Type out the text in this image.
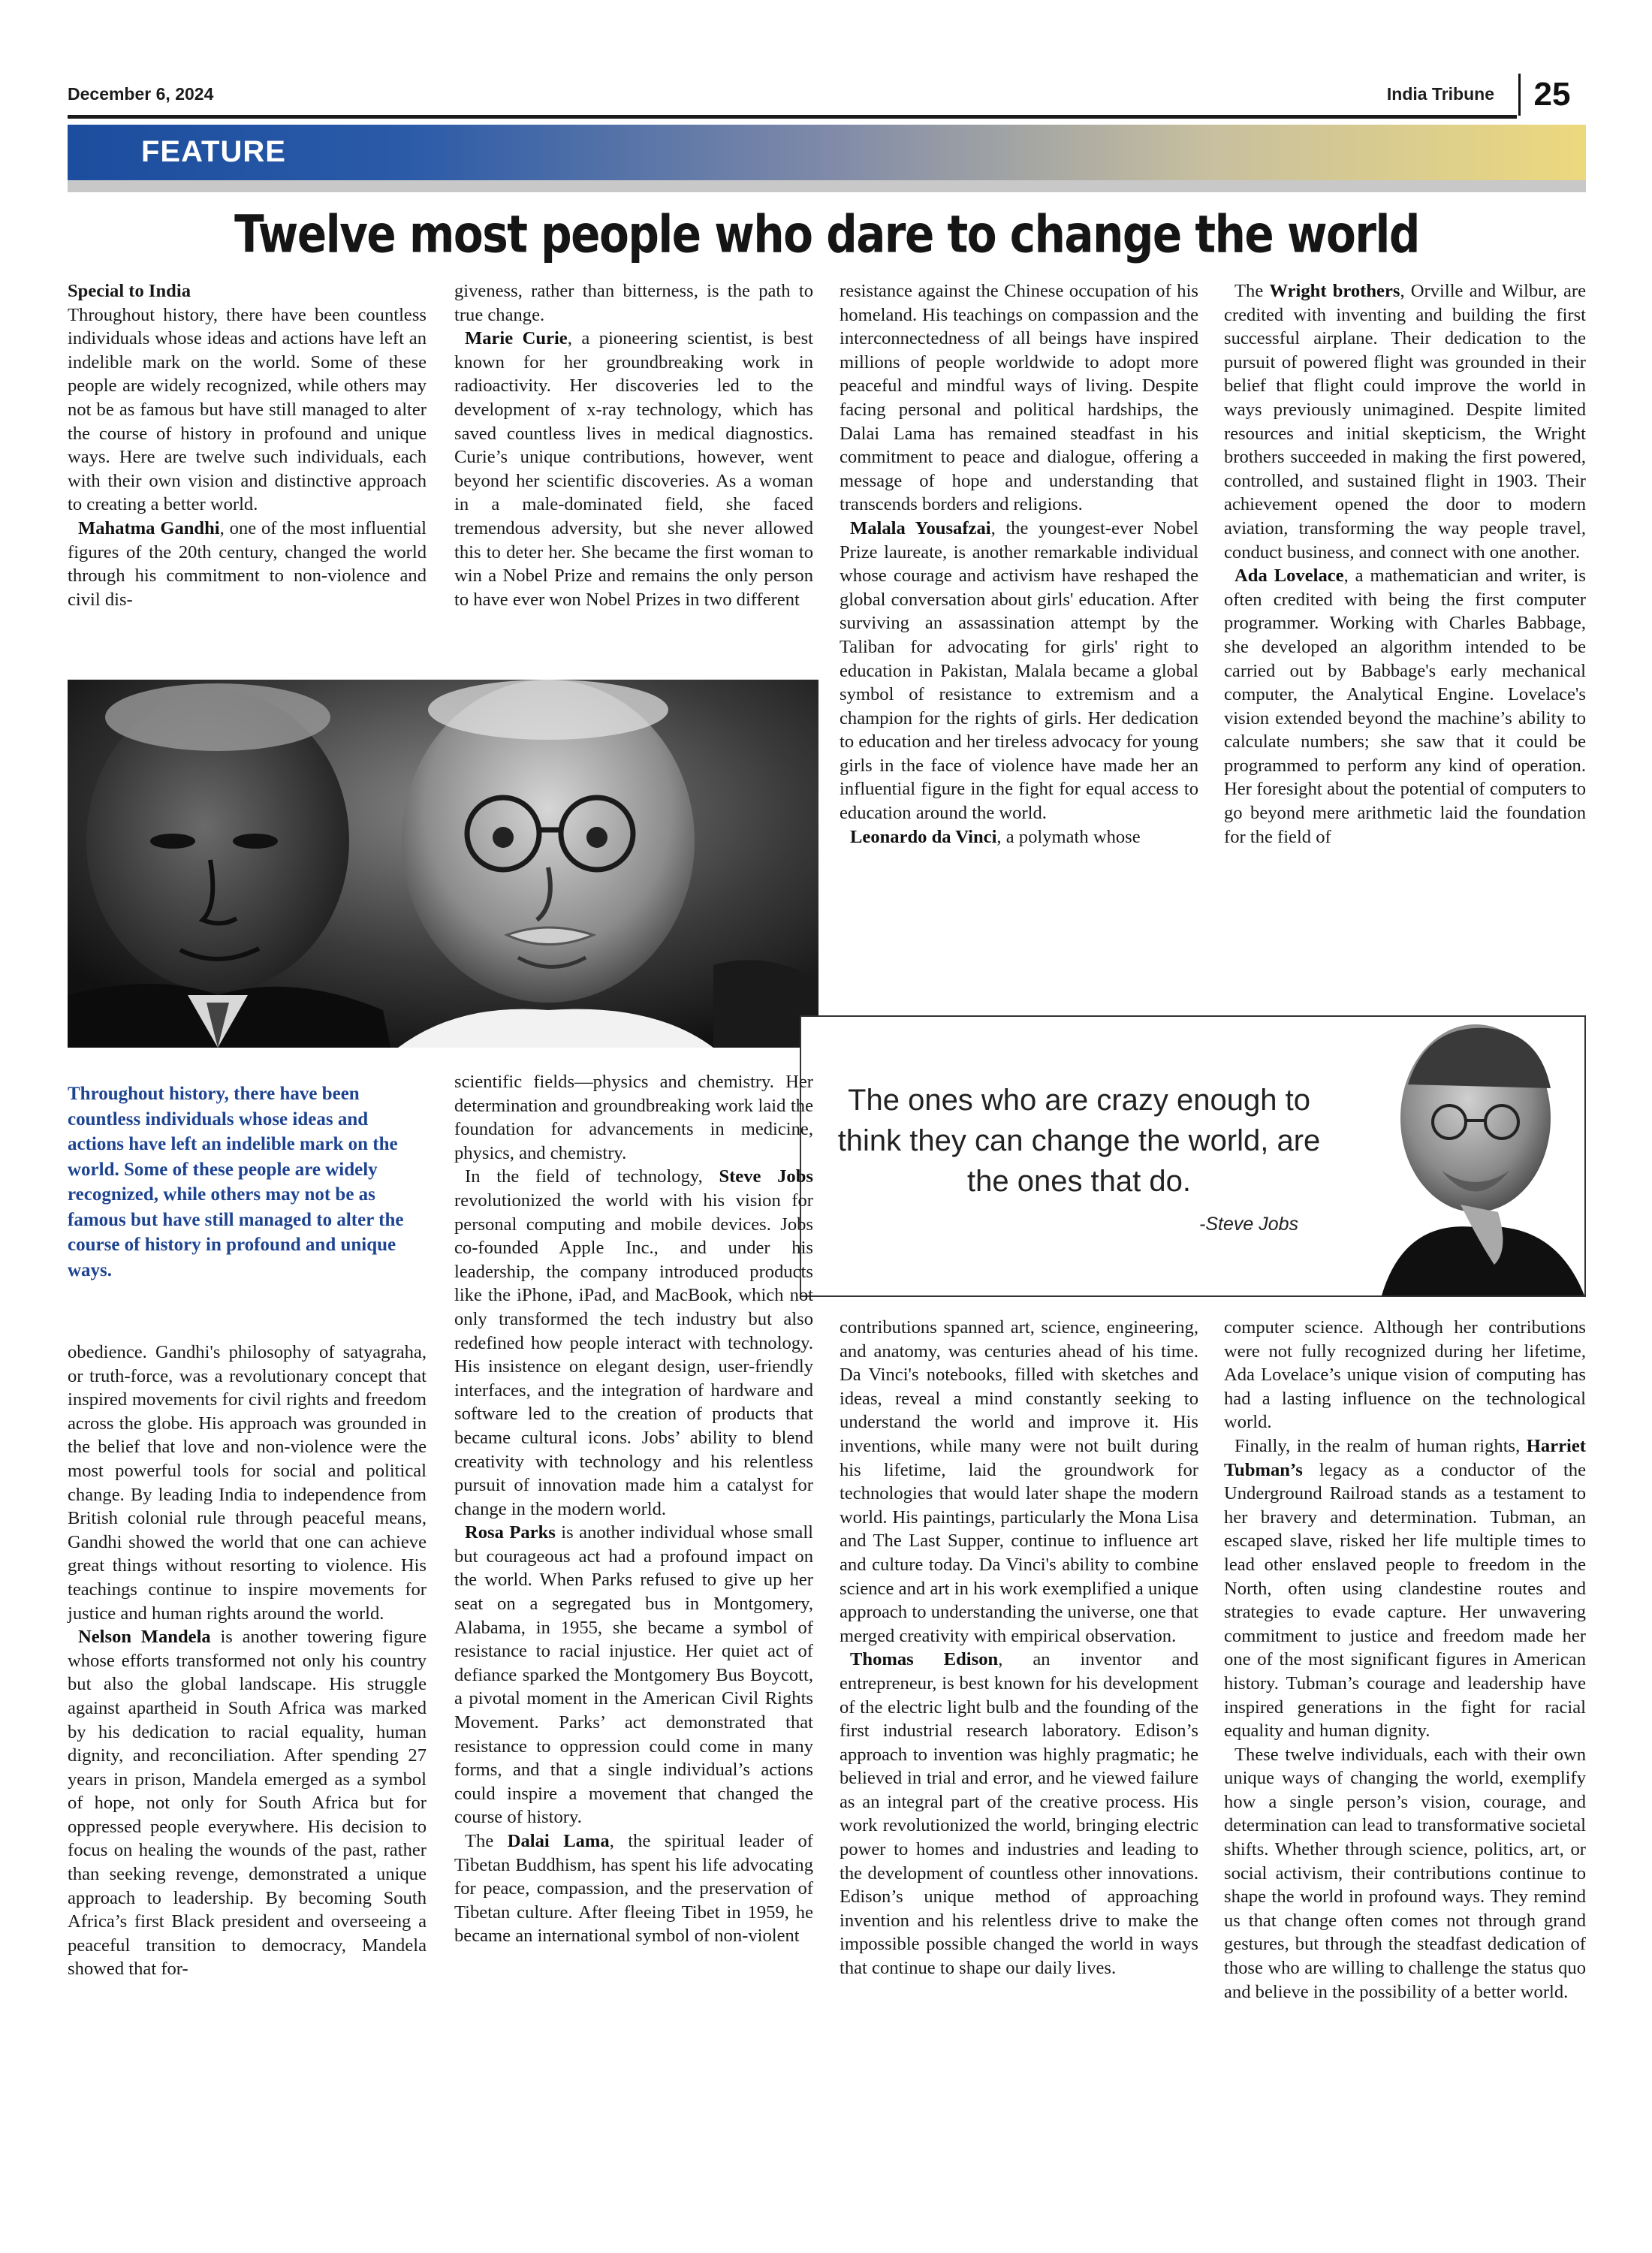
December 6, 2024	India Tribune	25
FEATURE
Twelve most people who dare to change the world

Special to India

Throughout history, there have been countless individuals whose ideas and actions have left an indelible mark on the world. Some of these people are widely recognized, while others may not be as famous but have still managed to alter the course of history in profound and unique ways. Here are twelve such individuals, each with their own vision and distinctive approach to creating a better world.

Mahatma Gandhi, one of the most influential figures of the 20th century, changed the world through his commitment to non-violence and civil dis-

giveness, rather than bitterness, is the path to true change.

Marie Curie, a pioneering scientist, is best known for her groundbreaking work in radioactivity. Her discoveries led to the development of x-ray technology, which has saved countless lives in medical diagnostics. Curie’s unique contributions, however, went beyond her scientific discoveries. As a woman in a male-dominated field, she faced tremendous adversity, but she never allowed this to deter her. She became the first woman to win a Nobel Prize and remains the only person to have ever won Nobel Prizes in two different

resistance against the Chinese occupation of his homeland. His teachings on compassion and the interconnectedness of all beings have inspired millions of people worldwide to adopt more peaceful and mindful ways of living. Despite facing personal and political hardships, the Dalai Lama has remained steadfast in his commitment to peace and dialogue, offering a message of hope and understanding that transcends borders and religions.

Malala Yousafzai, the youngest-ever Nobel Prize laureate, is another remarkable individual whose courage and activism have reshaped the global conversation about girls' education. After surviving an assassination attempt by the Taliban for advocating for girls' right to education in Pakistan, Malala became a global symbol of resistance to extremism and a champion for the rights of girls. Her dedication to education and her tireless advocacy for young girls in the face of violence have made her an influential figure in the fight for equal access to education around the world.

Leonardo da Vinci, a polymath whose

The Wright brothers, Orville and Wilbur, are credited with inventing and building the first successful airplane. Their dedication to the pursuit of powered flight was grounded in their belief that flight could improve the world in ways previously unimagined. Despite limited resources and initial skepticism, the Wright brothers succeeded in making the first powered, controlled, and sustained flight in 1903. Their achievement opened the door to modern aviation, transforming the way people travel, conduct business, and connect with one another.

Ada Lovelace, a mathematician and writer, is often credited with being the first computer programmer. Working with Charles Babbage, she developed an algorithm intended to be carried out by Babbage's early mechanical computer, the Analytical Engine. Lovelace's vision extended beyond the machine’s ability to calculate numbers; she saw that it could be programmed to perform any kind of operation. Her foresight about the potential of computers to go beyond mere arithmetic laid the foundation for the field of

The ones who are crazy enough to think they can change the world, are the ones that do.
-Steve Jobs
Throughout history, there have been countless individuals whose ideas and actions have left an indelible mark on the world. Some of these people are widely recognized, while others may not be as famous but have still managed to alter the course of history in profound and unique ways.

obedience. Gandhi's philosophy of satyagraha, or truth-force, was a revolutionary concept that inspired movements for civil rights and freedom across the globe. His approach was grounded in the belief that love and non-violence were the most powerful tools for social and political change. By leading India to independence from British colonial rule through peaceful means, Gandhi showed the world that one can achieve great things without resorting to violence. His teachings continue to inspire movements for justice and human rights around the world.

Nelson Mandela is another towering figure whose efforts transformed not only his country but also the global landscape. His struggle against apartheid in South Africa was marked by his dedication to racial equality, human dignity, and reconciliation. After spending 27 years in prison, Mandela emerged as a symbol of hope, not only for South Africa but for oppressed people everywhere. His decision to focus on healing the wounds of the past, rather than seeking revenge, demonstrated a unique approach to leadership. By becoming South Africa’s first Black president and overseeing a peaceful transition to democracy, Mandela showed that for-

scientific fields—physics and chemistry. Her determination and groundbreaking work laid the foundation for advancements in medicine, physics, and chemistry.

In the field of technology, Steve Jobs revolutionized the world with his vision for personal computing and mobile devices. Jobs co-founded Apple Inc., and under his leadership, the company introduced products like the iPhone, iPad, and MacBook, which not only transformed the tech industry but also redefined how people interact with technology. His insistence on elegant design, user-friendly interfaces, and the integration of hardware and software led to the creation of products that became cultural icons. Jobs’ ability to blend creativity with technology and his relentless pursuit of innovation made him a catalyst for change in the modern world.

Rosa Parks is another individual whose small but courageous act had a profound impact on the world. When Parks refused to give up her seat on a segregated bus in Montgomery, Alabama, in 1955, she became a symbol of resistance to racial injustice. Her quiet act of defiance sparked the Montgomery Bus Boycott, a pivotal moment in the American Civil Rights Movement. Parks’ act demonstrated that resistance to oppression could come in many forms, and that a single individual’s actions could inspire a movement that changed the course of history.

The Dalai Lama, the spiritual leader of Tibetan Buddhism, has spent his life advocating for peace, compassion, and the preservation of Tibetan culture. After fleeing Tibet in 1959, he became an international symbol of non-violent

contributions spanned art, science, engineering, and anatomy, was centuries ahead of his time. Da Vinci's notebooks, filled with sketches and ideas, reveal a mind constantly seeking to understand the world and improve it. His inventions, while many were not built during his lifetime, laid the groundwork for technologies that would later shape the modern world. His paintings, particularly the Mona Lisa and The Last Supper, continue to influence art and culture today. Da Vinci's ability to combine science and art in his work exemplified a unique approach to understanding the universe, one that merged creativity with empirical observation.

Thomas Edison, an inventor and entrepreneur, is best known for his development of the electric light bulb and the founding of the first industrial research laboratory. Edison’s approach to invention was highly pragmatic; he believed in trial and error, and he viewed failure as an integral part of the creative process. His work revolutionized the world, bringing electric power to homes and industries and leading to the development of countless other innovations. Edison’s unique method of approaching invention and his relentless drive to make the impossible possible changed the world in ways that continue to shape our daily lives.

computer science. Although her contributions were not fully recognized during her lifetime, Ada Lovelace’s unique vision of computing has had a lasting influence on the technological world.

Finally, in the realm of human rights, Harriet Tubman’s legacy as a conductor of the Underground Railroad stands as a testament to her bravery and determination. Tubman, an escaped slave, risked her life multiple times to lead other enslaved people to freedom in the North, often using clandestine routes and strategies to evade capture. Her unwavering commitment to justice and freedom made her one of the most significant figures in American history. Tubman’s courage and leadership have inspired generations in the fight for racial equality and human dignity.

These twelve individuals, each with their own unique ways of changing the world, exemplify how a single person’s vision, courage, and determination can lead to transformative societal shifts. Whether through science, politics, art, or social activism, their contributions continue to shape the world in profound ways. They remind us that change often comes not through grand gestures, but through the steadfast dedication of those who are willing to challenge the status quo and believe in the possibility of a better world.
